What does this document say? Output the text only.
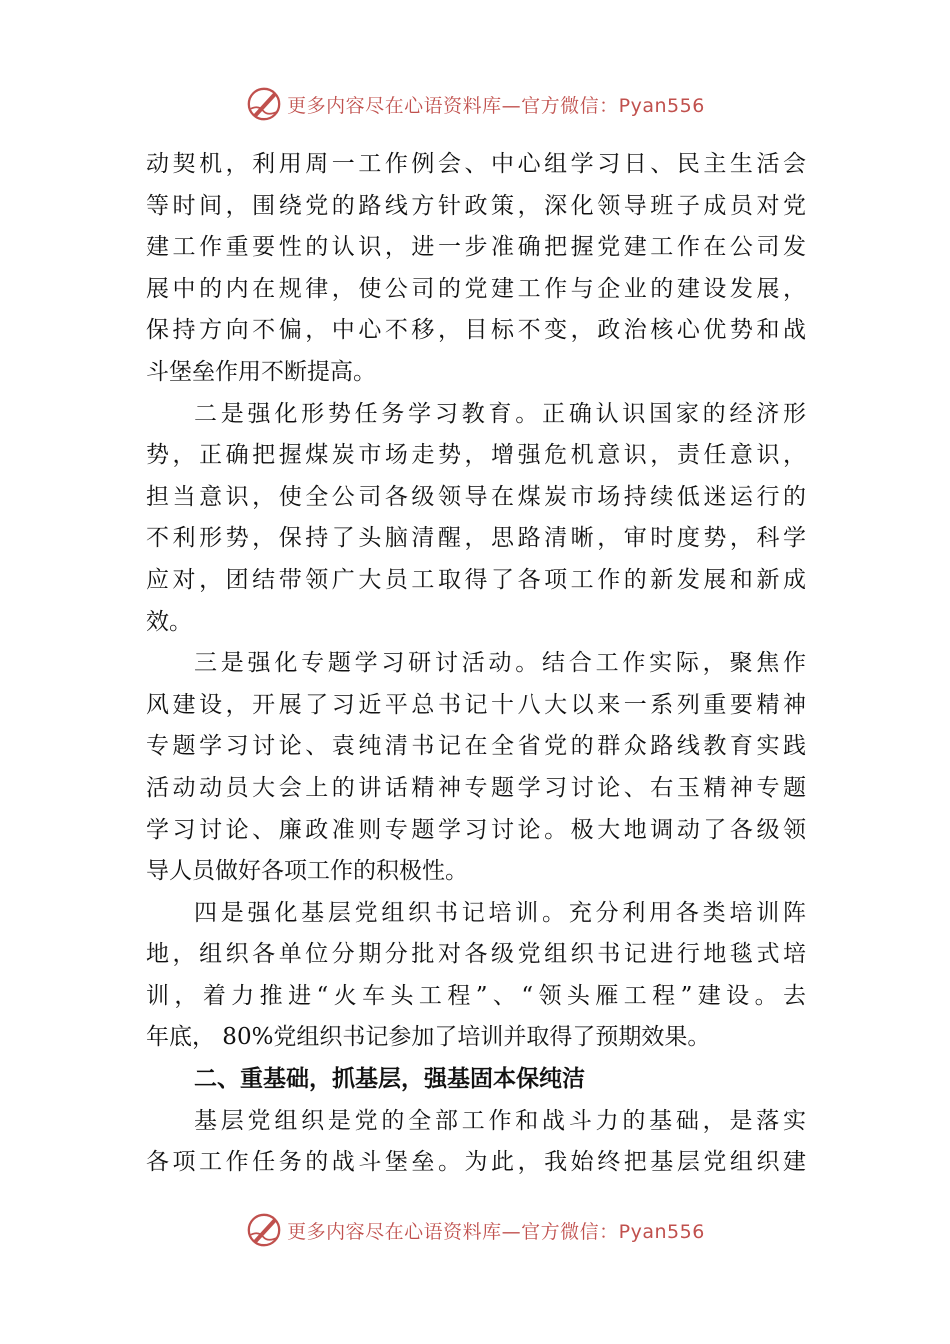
更多内容尽在心语资料库—官方微信：Pyan556
动契机，利用周一工作例会、中心组学习日、民主生活会
等时间，围绕党的路线方针政策，深化领导班子成员对党
建工作重要性的认识，进一步准确把握党建工作在公司发
展中的内在规律，使公司的党建工作与企业的建设发展，
保持方向不偏，中心不移，目标不变，政治核心优势和战
斗堡垒作用不断提高。
二是强化形势任务学习教育。正确认识国家的经济形
势，正确把握煤炭市场走势，增强危机意识，责任意识，
担当意识，使全公司各级领导在煤炭市场持续低迷运行的
不利形势，保持了头脑清醒，思路清晰，审时度势，科学
应对，团结带领广大员工取得了各项工作的新发展和新成
效。
三是强化专题学习研讨活动。结合工作实际，聚焦作
风建设，开展了习近平总书记十八大以来一系列重要精神
专题学习讨论、袁纯清书记在全省党的群众路线教育实践
活动动员大会上的讲话精神专题学习讨论、右玉精神专题
学习讨论、廉政准则专题学习讨论。极大地调动了各级领
导人员做好各项工作的积极性。
四是强化基层党组织书记培训。充分利用各类培训阵
地，组织各单位分期分批对各级党组织书记进行地毯式培
训，着力推进“火车头工程”、“领头雁工程”建设。去
年底， 80%党组织书记参加了培训并取得了预期效果。
二、重基础，抓基层，强基固本保纯洁
基层党组织是党的全部工作和战斗力的基础，是落实
各项工作任务的战斗堡垒。为此，我始终把基层党组织建
更多内容尽在心语资料库—官方微信：Pyan556
